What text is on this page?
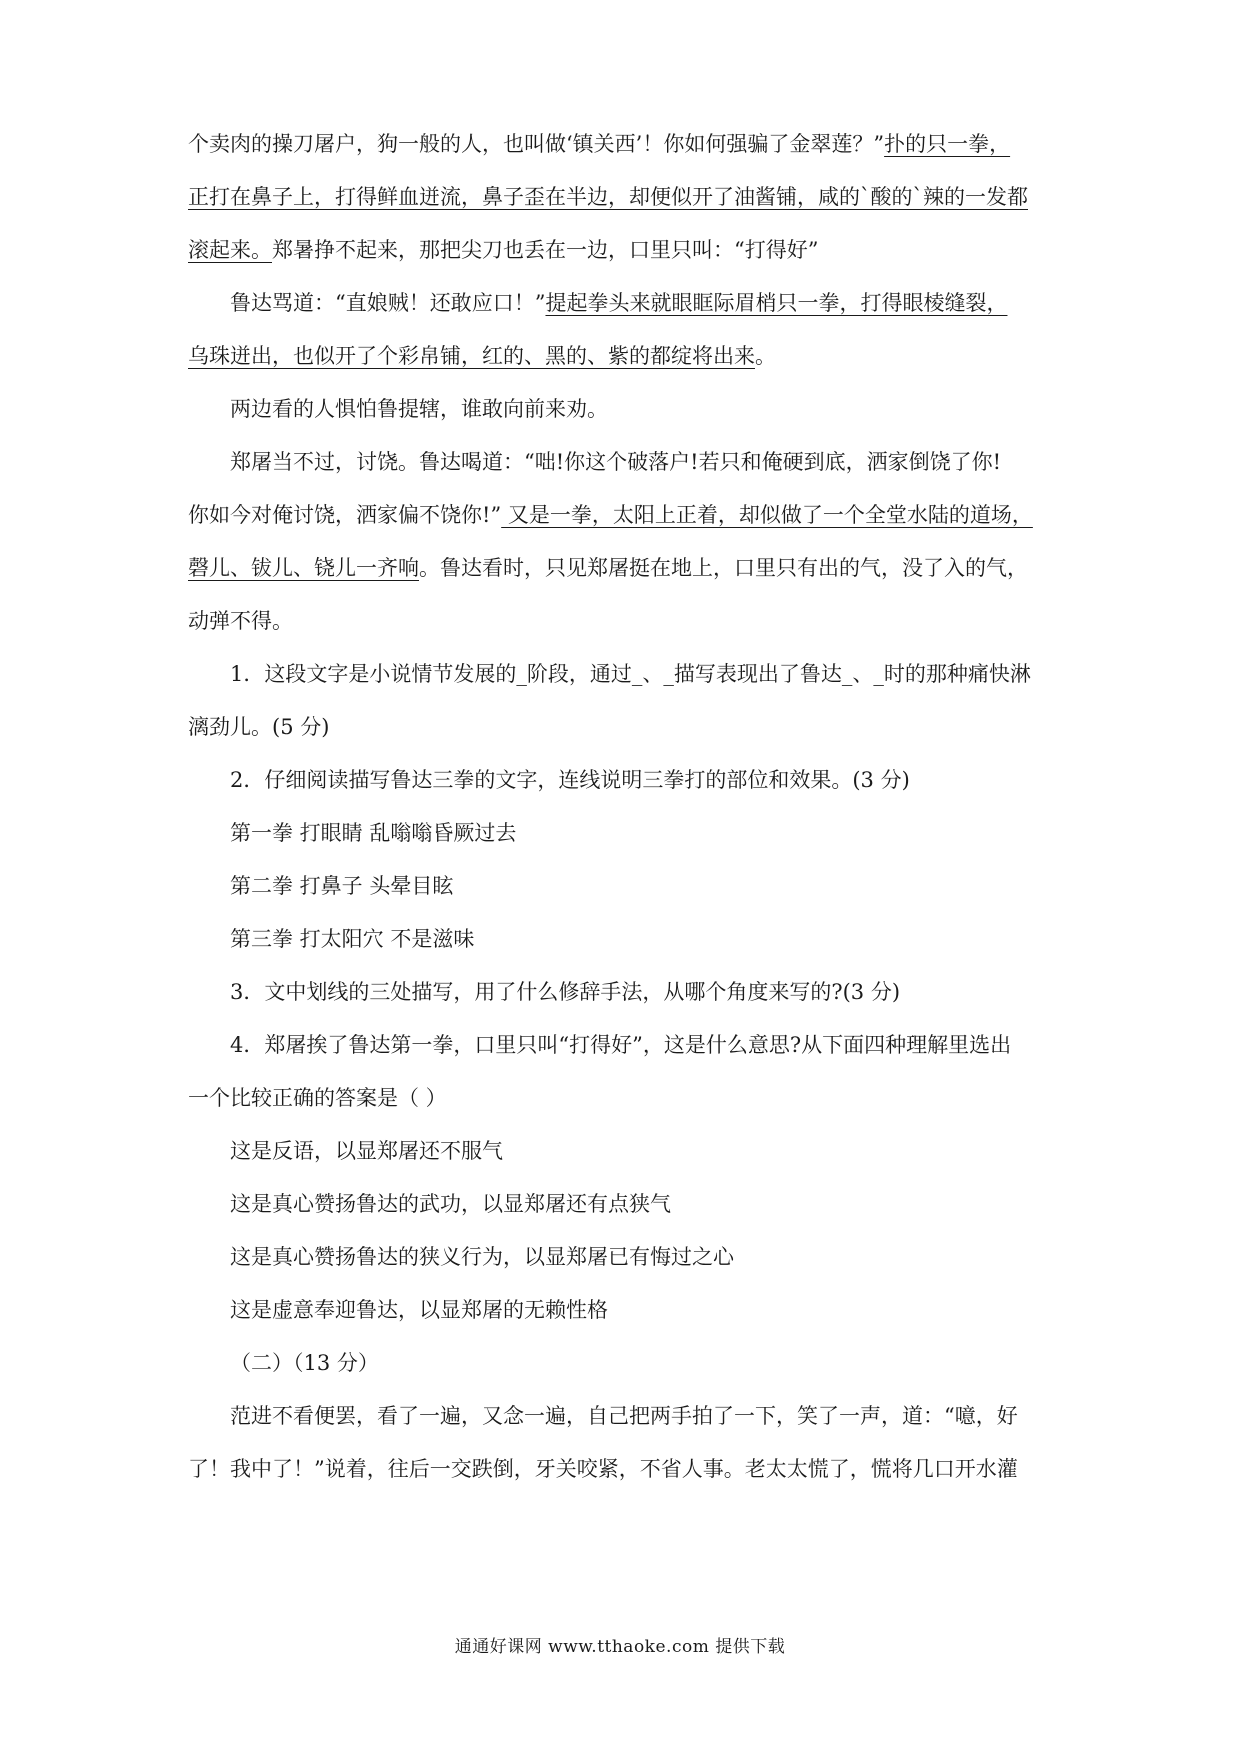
个卖肉的操刀屠户，狗一般的人，也叫做‘镇关西’！你如何强骗了金翠莲？”扑的只一拳，
正打在鼻子上，打得鲜血迸流，鼻子歪在半边，却便似开了油酱铺，咸的`酸的`辣的一发都
滚起来。郑暑挣不起来，那把尖刀也丢在一边，口里只叫：“打得好”
鲁达骂道：“直娘贼！还敢应口！”提起拳头来就眼眶际眉梢只一拳，打得眼棱缝裂，
乌珠迸出，也似开了个彩帛铺，红的、黑的、紫的都绽将出来。
两边看的人惧怕鲁提辖，谁敢向前来劝。
郑屠当不过，讨饶。鲁达喝道：“咄!你这个破落户!若只和俺硬到底，洒家倒饶了你!
你如今对俺讨饶，洒家偏不饶你!” 又是一拳，太阳上正着，却似做了一个全堂水陆的道场，
磬儿、钹儿、铙儿一齐响。鲁达看时，只见郑屠挺在地上，口里只有出的气，没了入的气，
动弹不得。
1．这段文字是小说情节发展的_阶段，通过_、_描写表现出了鲁达_、_时的那种痛快淋
漓劲儿。(5 分)
2．仔细阅读描写鲁达三拳的文字，连线说明三拳打的部位和效果。(3 分)
第一拳 打眼睛 乱嗡嗡昏厥过去
第二拳 打鼻子 头晕目眩
第三拳 打太阳穴 不是滋味
3．文中划线的三处描写，用了什么修辞手法，从哪个角度来写的?(3 分)
4．郑屠挨了鲁达第一拳，口里只叫“打得好”，这是什么意思?从下面四种理解里选出
一个比较正确的答案是（ ）
这是反语，以显郑屠还不服气
这是真心赞扬鲁达的武功，以显郑屠还有点狭气
这是真心赞扬鲁达的狭义行为，以显郑屠已有悔过之心
这是虚意奉迎鲁达，以显郑屠的无赖性格
（二）（13 分）
范进不看便罢，看了一遍，又念一遍，自己把两手拍了一下，笑了一声，道：“噫，好
了！我中了！”说着，往后一交跌倒，牙关咬紧，不省人事。老太太慌了，慌将几口开水灌
通通好课网 www.tthaoke.com 提供下载
